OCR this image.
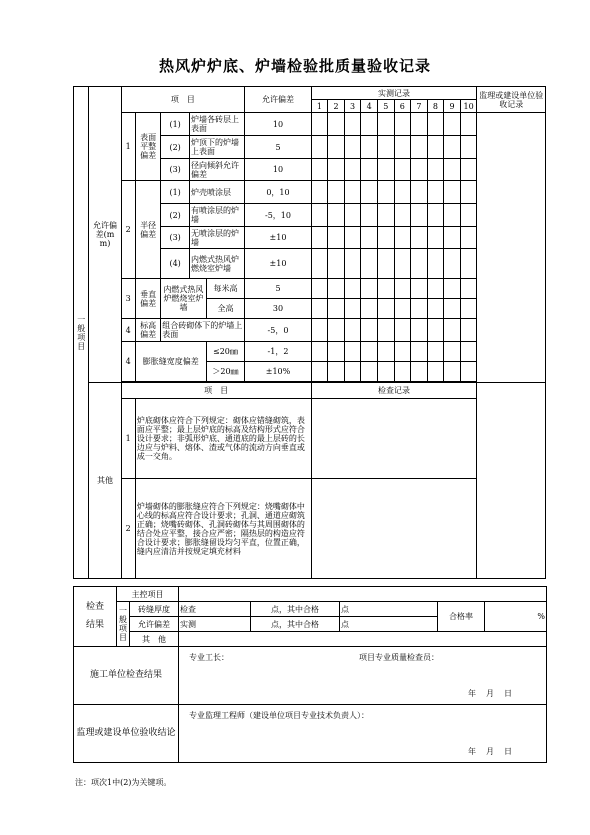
热风炉炉底、炉墙检验批质量验收记录
一般项目	允许偏差(mm)	项　目					允许偏差	实测记录										监理或建设单位验收记录
								1	2	3	4	5	6	7	8	9	10	
		1	表面平整偏差	(1)	炉墙各砖层上表面		10											
				(2)	炉顶下的炉墙上表面		5											
				(3)	径向倾斜允许偏差		10											
		2	半径偏差	(1)	炉壳喷涂层		0，10											
				(2)	有喷涂层的炉墙		-5，10											
				(3)	无喷涂层的炉墙		±10											
				(4)	内燃式热风炉燃烧室炉墙		±10											
		3	垂直偏差	内燃式热风炉燃烧室炉墙		每米高	5											
						全高	30											
		4	标高偏差	组合砖砌体下的炉墙上表面			-5，0											
		4	膨胀缝宽度偏差			≤20㎜	-1，2											
						＞20㎜	±10%											

	其他	项　目						检查记录										
		1	炉底砌体应符合下列规定：砌体应错缝砌筑，表面应平整；最上层炉底的标高及结构形式应符合设计要求；非弧形炉底、通道底的最上层砖的长边应与炉料、熔体、渣或气体的流动方向垂直或成一交角。															
		2	炉墙砌体的膨胀缝应符合下列规定：烧嘴砌体中心线的标高应符合设计要求；孔洞、通道应砌筑正确；烧嘴砖砌体、孔洞砖砌体与其周围砌体的结合处应平整，接合应严密；隔热层的构造应符合设计要求；膨胀缝留设均匀平直，位置正确，缝内应清洁并按规定填充材料															
检查

结果	主控项目						
	一般项目	砖缝厚度	检查	点，其中合格	点	合格率	%
		允许偏差	实测	点，其中合格	点		
		其　他					
施工单位检查结果			专业工长： 项目专业质量检查员：
年月日				

监理或建设单位验收结论			专业监理工程师（建设单位项目专业技术负责人）：
年月日				
注：项次1中(2)为关键项。
